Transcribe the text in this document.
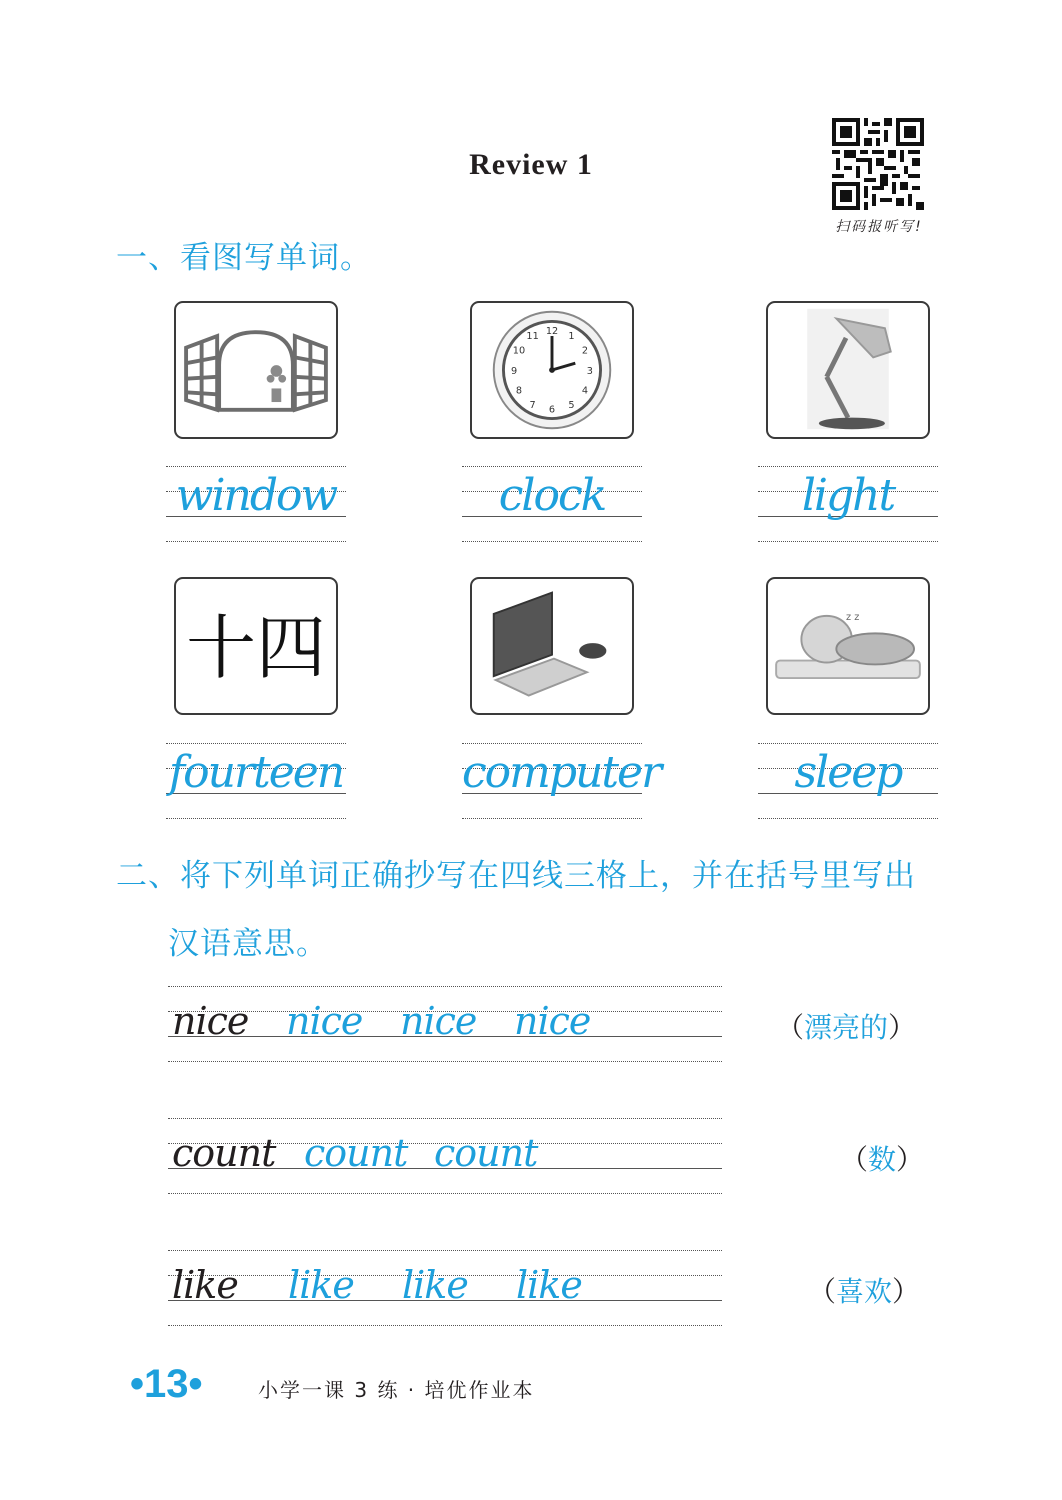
Review 1
扫码报听写!
一、看图写单词。
12 1
2
3
4
5
6
7
8
9
10
11
window	clock	light
十四	z z
fourteen	computer	sleep
二、将下列单词正确抄写在四线三格上，并在括号里写出
汉语意思。
nice nice nice nice	（漂亮的）
count count count	（数）
like like like like	（喜欢）
•13•	小学一课 3 练 · 培优作业本
